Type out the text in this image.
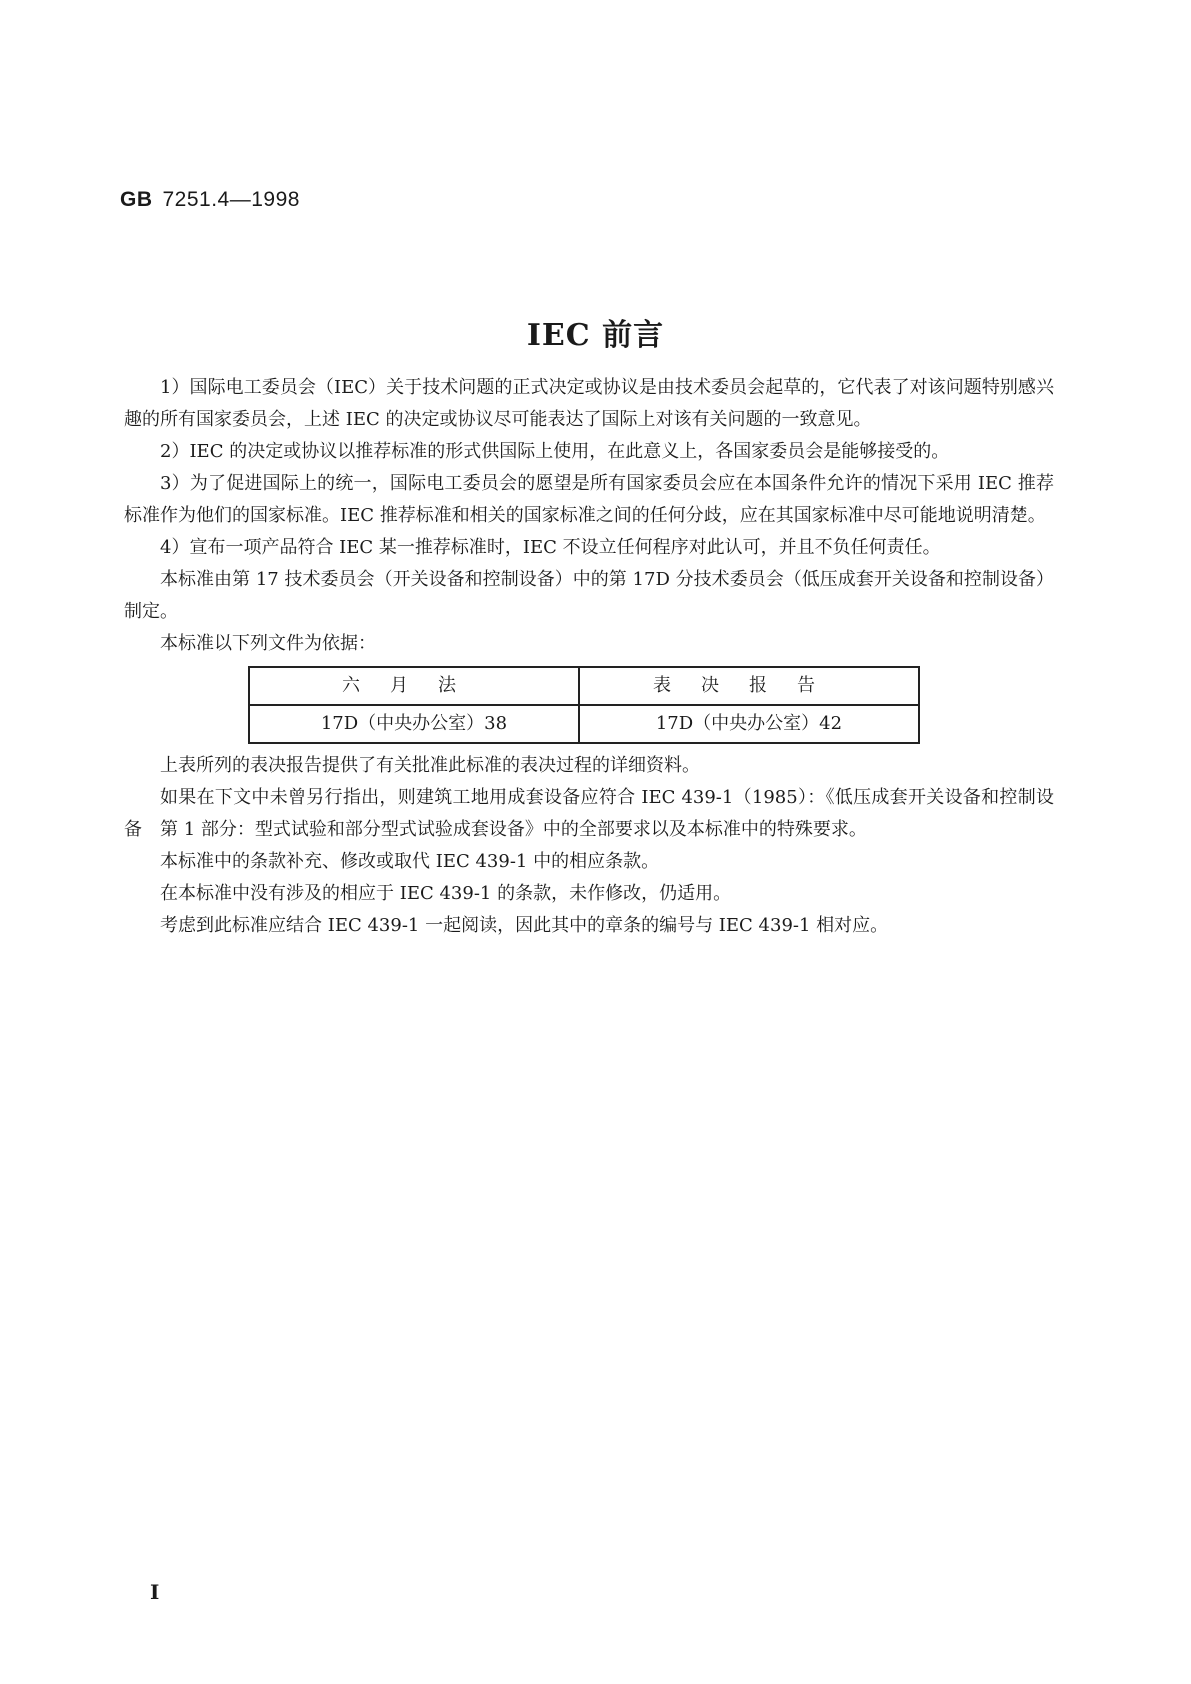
GB 7251.4—1998
IEC 前言

1）国际电工委员会（IEC）关于技术问题的正式决定或协议是由技术委员会起草的，它代表了对该问题特别感兴趣的所有国家委员会，上述 IEC 的决定或协议尽可能表达了国际上对该有关问题的一致意见。

2）IEC 的决定或协议以推荐标准的形式供国际上使用，在此意义上，各国家委员会是能够接受的。

3）为了促进国际上的统一，国际电工委员会的愿望是所有国家委员会应在本国条件允许的情况下采用 IEC 推荐标准作为他们的国家标准。IEC 推荐标准和相关的国家标准之间的任何分歧，应在其国家标准中尽可能地说明清楚。

4）宣布一项产品符合 IEC 某一推荐标准时，IEC 不设立任何程序对此认可，并且不负任何责任。

本标准由第 17 技术委员会（开关设备和控制设备）中的第 17D 分技术委员会（低压成套开关设备和控制设备）制定。

本标准以下列文件为依据：

六月法	表决报告
17D（中央办公室）38	17D（中央办公室）42

上表所列的表决报告提供了有关批准此标准的表决过程的详细资料。

如果在下文中未曾另行指出，则建筑工地用成套设备应符合 IEC 439-1（1985）：《低压成套开关设备和控制设备　第 1 部分：型式试验和部分型式试验成套设备》中的全部要求以及本标准中的特殊要求。

本标准中的条款补充、修改或取代 IEC 439-1 中的相应条款。

在本标准中没有涉及的相应于 IEC 439-1 的条款，未作修改，仍适用。

考虑到此标准应结合 IEC 439-1 一起阅读，因此其中的章条的编号与 IEC 439-1 相对应。

Ⅰ
